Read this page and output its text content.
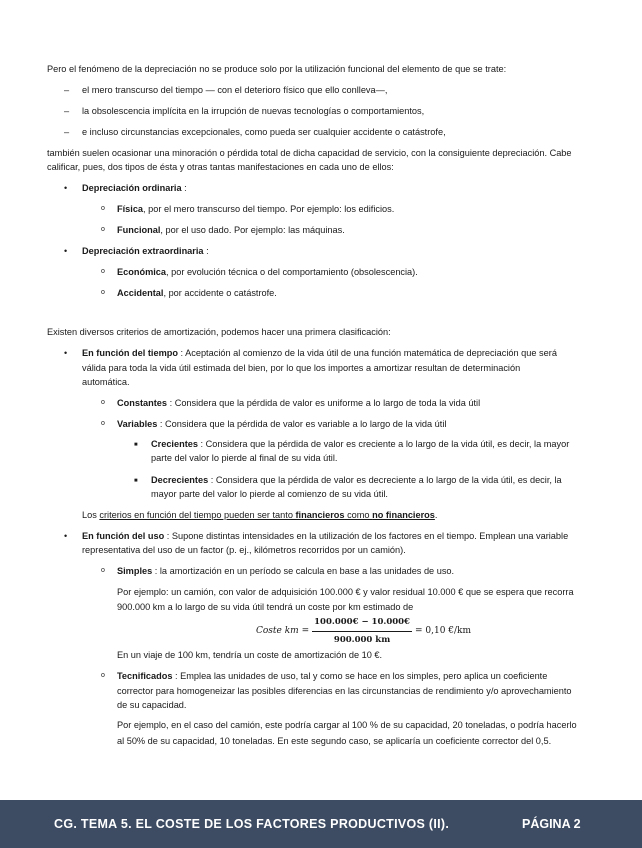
Pero el fenómeno de la depreciación no se produce solo por la utilización funcional del elemento de que se trate:
– el mero transcurso del tiempo — con el deterioro físico que ello conlleva—,
– la obsolescencia implícita en la irrupción de nuevas tecnologías o comportamientos,
– e incluso circunstancias excepcionales, como pueda ser cualquier accidente o catástrofe,
también suelen ocasionar una minoración o pérdida total de dicha capacidad de servicio, con la consiguiente depreciación. Cabe
calificar, pues, dos tipos de ésta y otras tantas manifestaciones en cada uno de ellos:
• Depreciación ordinaria :
o Física, por el mero transcurso del tiempo. Por ejemplo: los edificios.
o Funcional, por el uso dado. Por ejemplo: las máquinas.
• Depreciación extraordinaria :
o Económica, por evolución técnica o del comportamiento (obsolescencia).
o Accidental, por accidente o catástrofe.
Existen diversos criterios de amortización, podemos hacer una primera clasificación:
• En función del tiempo : Aceptación al comienzo de la vida útil de una función matemática de depreciación que será
válida para toda la vida útil estimada del bien, por lo que los importes a amortizar resultan de determinación
automática.
o Constantes : Considera que la pérdida de valor es uniforme a lo largo de toda la vida útil
o Variables : Considera que la pérdida de valor es variable a lo largo de la vida útil
■ Crecientes : Considera que la pérdida de valor es creciente a lo largo de la vida útil, es decir, la mayor
parte del valor lo pierde al final de su vida útil.
■ Decrecientes : Considera que la pérdida de valor es decreciente a lo largo de la vida útil, es decir, la
mayor parte del valor lo pierde al comienzo de su vida útil.
Los criterios en función del tiempo pueden ser tanto financieros como no financieros.
• En función del uso : Supone distintas intensidades en la utilización de los factores en el tiempo. Emplean una variable
representativa del uso de un factor (p. ej., kilómetros recorridos por un camión).
o Simples : la amortización en un período se calcula en base a las unidades de uso.
Por ejemplo: un camión, con valor de adquisición 100.000 € y valor residual 10.000 € que se espera que recorra
900.000 km a lo largo de su vida útil tendrá un coste por km estimado de
Coste km = $\frac{100.000€ - 10.000€}{900.000 km} = 0,10$ €/km
En un viaje de 100 km, tendría un coste de amortización de 10 €.
o Tecnificados : Emplea las unidades de uso, tal y como se hace en los simples, pero aplica un coeficiente
corrector para homogeneizar las posibles diferencias en las circunstancias de rendimiento y/o aprovechamiento
de su capacidad.
Por ejemplo, en el caso del camión, este podría cargar al 100 % de su capacidad, 20 toneladas, o podría hacerlo
al 50% de su capacidad, 10 toneladas. En este segundo caso, se aplicaría un coeficiente corrector del 0,5.
CG. TEMA 5. EL COSTE DE LOS FACTORES PRODUCTIVOS (II).	PÁGINA 2
